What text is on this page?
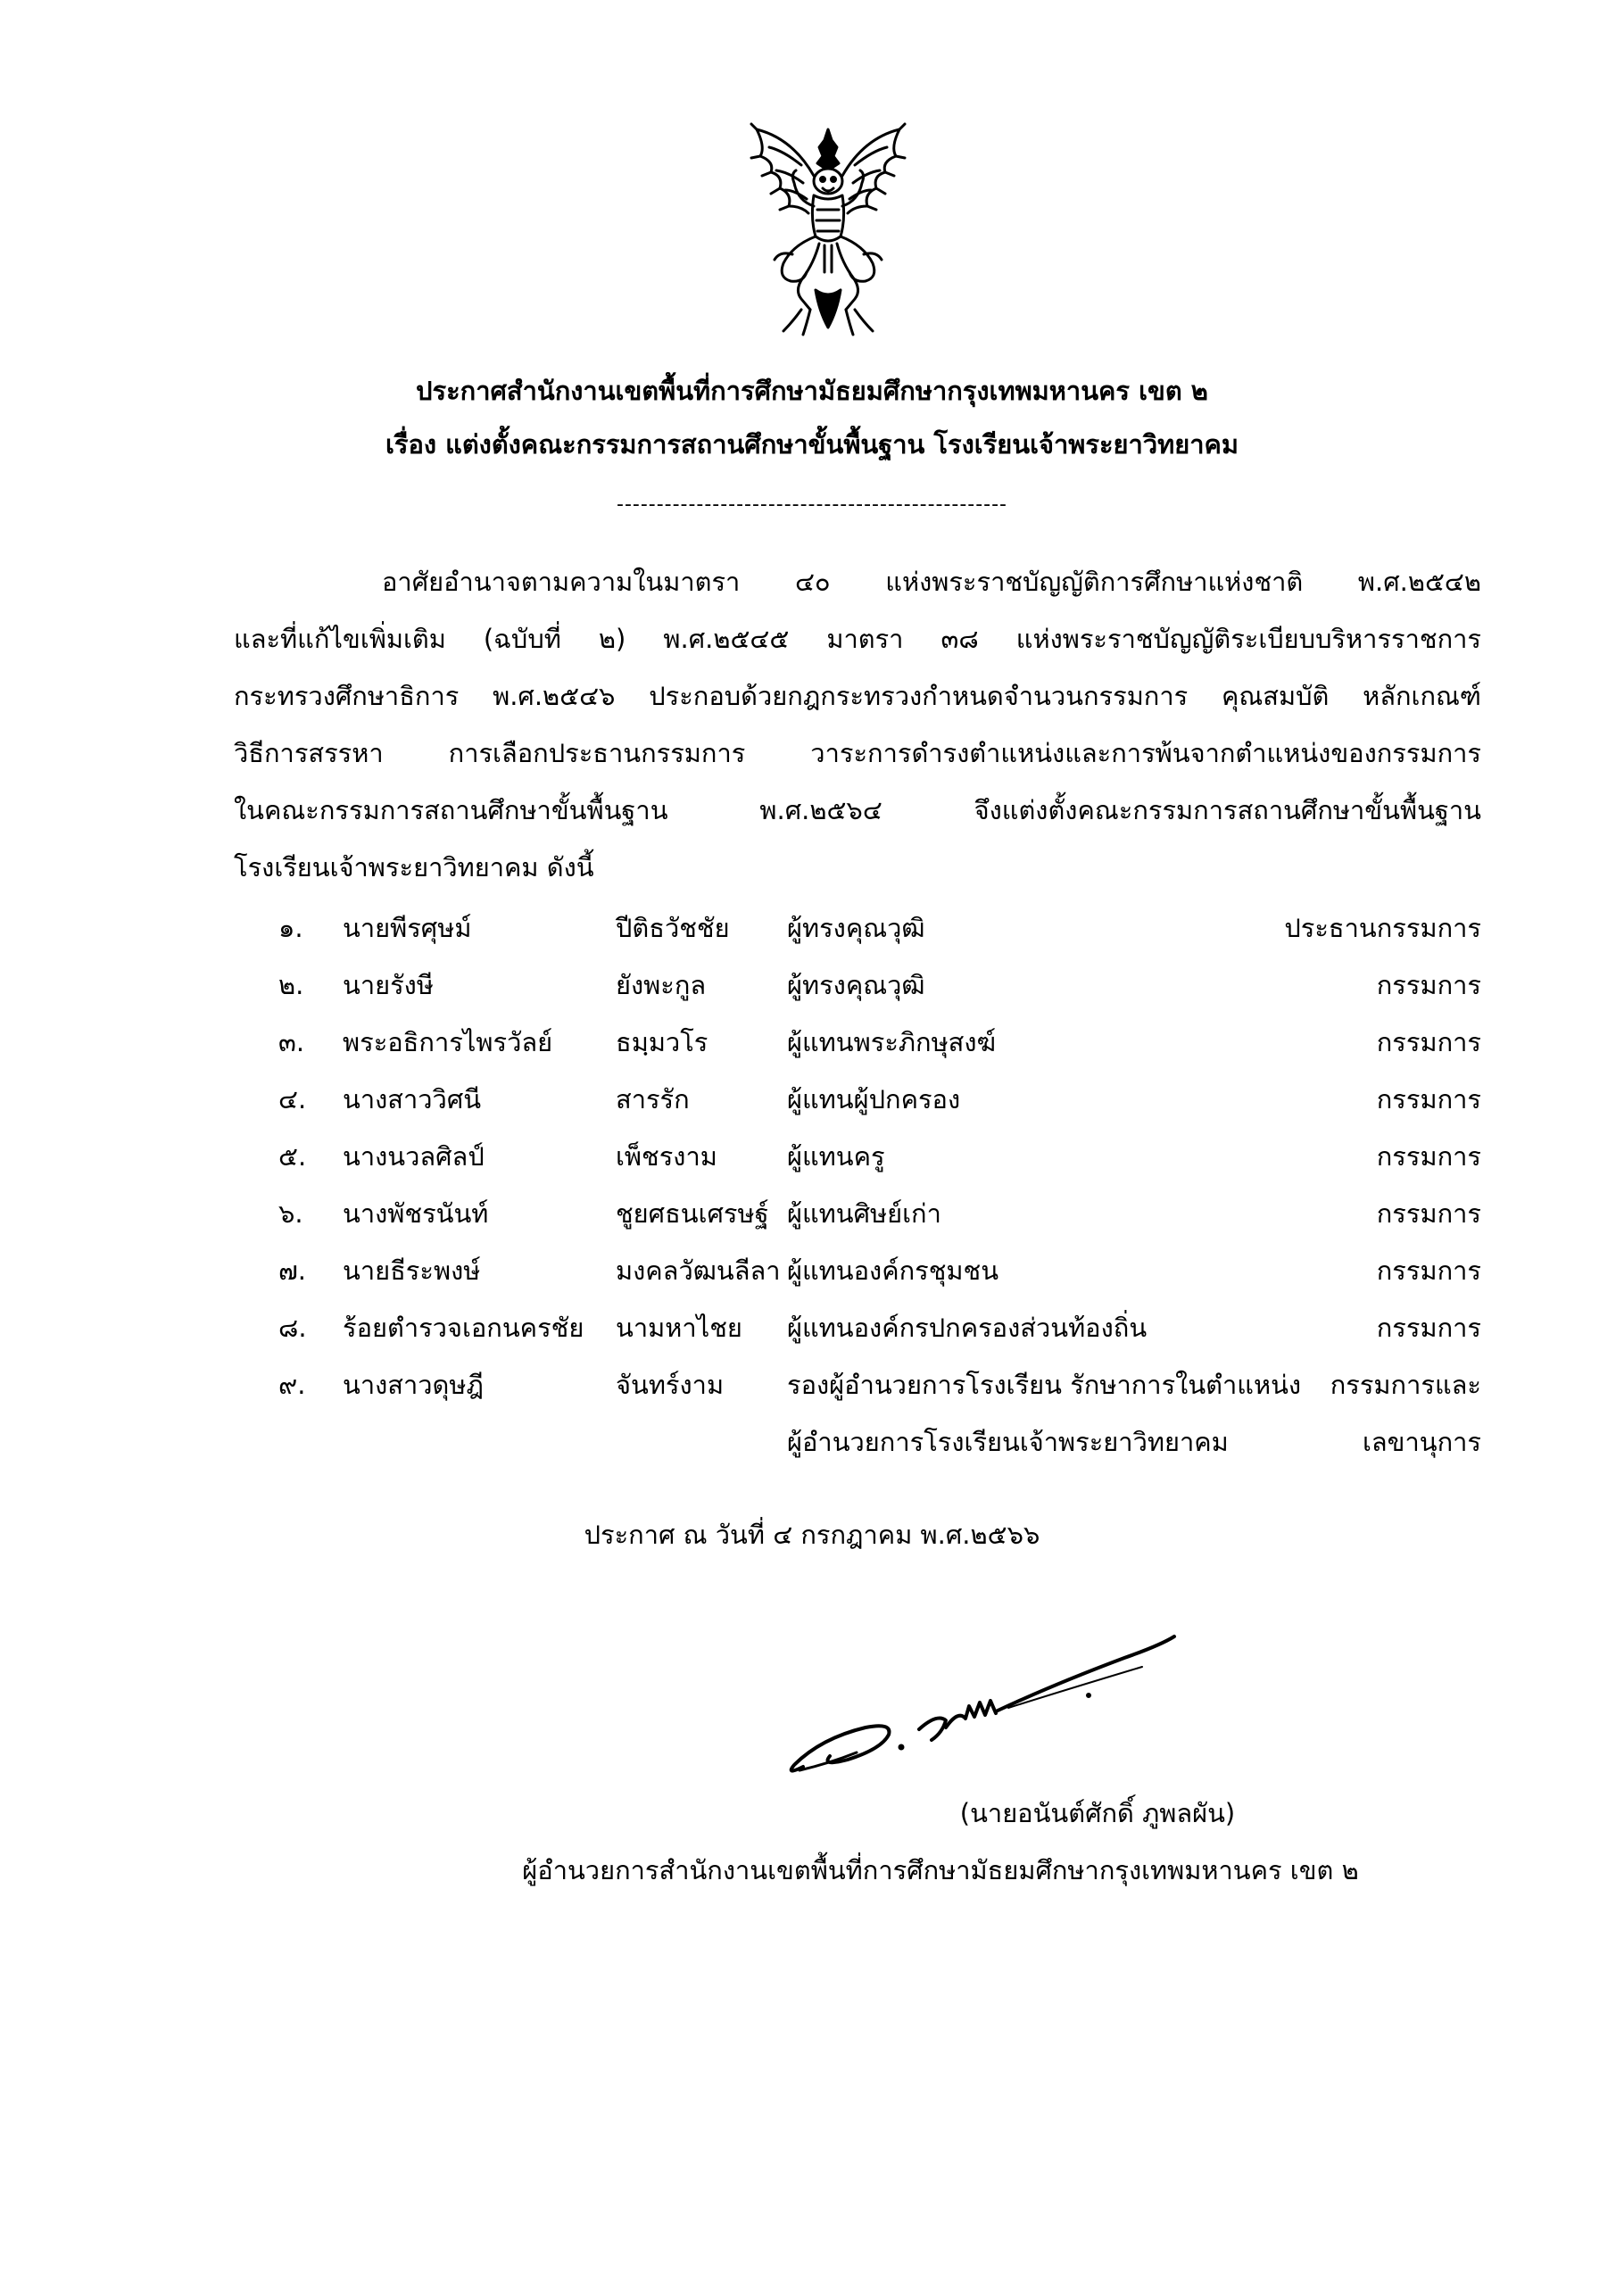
ประกาศสำนักงานเขตพื้นที่การศึกษามัธยมศึกษากรุงเทพมหานคร เขต ๒
เรื่อง แต่งตั้งคณะกรรมการสถานศึกษาขั้นพื้นฐาน โรงเรียนเจ้าพระยาวิทยาคม
-------------------------------------------------
อาศัยอำนาจตามความในมาตรา ๔๐ แห่งพระราชบัญญัติการศึกษาแห่งชาติ พ.ศ.๒๕๔๒
และที่แก้ไขเพิ่มเติม (ฉบับที่ ๒) พ.ศ.๒๕๔๕ มาตรา ๓๘ แห่งพระราชบัญญัติระเบียบบริหารราชการ
กระทรวงศึกษาธิการ พ.ศ.๒๕๔๖ ประกอบด้วยกฎกระทรวงกำหนดจำนวนกรรมการ คุณสมบัติ หลักเกณฑ์
วิธีการสรรหา การเลือกประธานกรรมการ วาระการดำรงตำแหน่งและการพ้นจากตำแหน่งของกรรมการ
ในคณะกรรมการสถานศึกษาขั้นพื้นฐาน พ.ศ.๒๕๖๔ จึงแต่งตั้งคณะกรรมการสถานศึกษาขั้นพื้นฐาน
โรงเรียนเจ้าพระยาวิทยาคม ดังนี้
๑. นายพีรศุษม์	ปีติธวัชชัย ผู้ทรงคุณวุฒิ	ประธานกรรมการ
๒. นายรังษี	ยังพะกูล	ผู้ทรงคุณวุฒิ	กรรมการ
๓. พระอธิการไพรวัลย์ ธมฺมวโร	ผู้แทนพระภิกษุสงฆ์	กรรมการ
๔. นางสาววิศนี	สารรัก	ผู้แทนผู้ปกครอง	กรรมการ
๕. นางนวลศิลป์	เพ็ชรงาม	ผู้แทนครู	กรรมการ
๖. นางพัชรนันท์	ชูยศธนเศรษฐ์ ผู้แทนศิษย์เก่า	กรรมการ
๗. นายธีระพงษ์	มงคลวัฒนลีลา ผู้แทนองค์กรชุมชน	กรรมการ
๘. ร้อยตำรวจเอกนครชัย นามหาไชย ผู้แทนองค์กรปกครองส่วนท้องถิ่น	กรรมการ
๙. นางสาวดุษฎี	จันทร์งาม รองผู้อำนวยการโรงเรียน รักษาการในตำแหน่ง กรรมการและ
ผู้อำนวยการโรงเรียนเจ้าพระยาวิทยาคม	เลขานุการ
ประกาศ ณ วันที่ ๔ กรกฎาคม พ.ศ.๒๕๖๖
(นายอนันต์ศักดิ์ ภูพลผัน)
ผู้อำนวยการสำนักงานเขตพื้นที่การศึกษามัธยมศึกษากรุงเทพมหานคร เขต ๒
